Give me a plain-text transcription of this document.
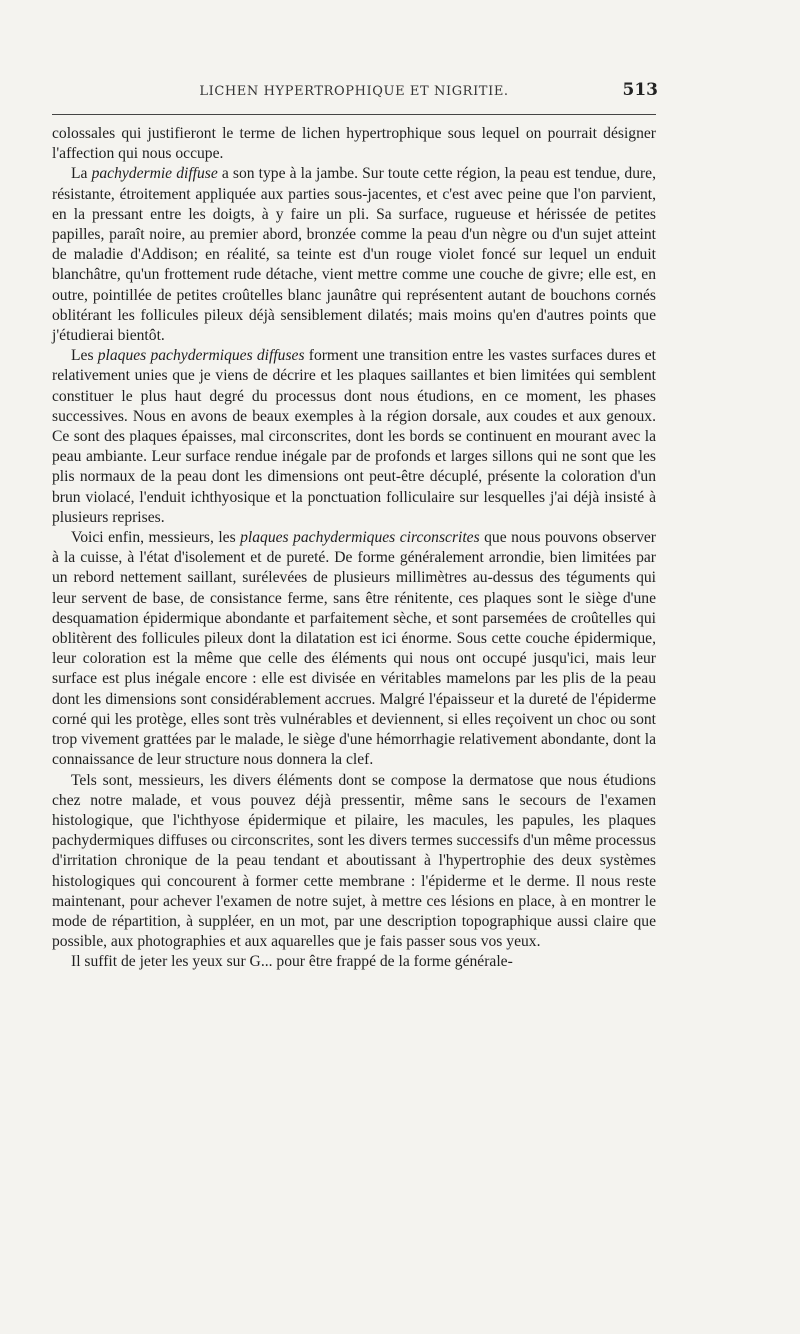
LICHEN HYPERTROPHIQUE ET NIGRITIE.	513

colossales qui justifieront le terme de lichen hypertrophique sous lequel on pourrait désigner l'affection qui nous occupe.

La pachydermie diffuse a son type à la jambe. Sur toute cette région, la peau est tendue, dure, résistante, étroitement appliquée aux parties sous-jacentes, et c'est avec peine que l'on parvient, en la pressant entre les doigts, à y faire un pli. Sa surface, rugueuse et hérissée de petites papilles, paraît noire, au premier abord, bronzée comme la peau d'un nègre ou d'un sujet atteint de maladie d'Addison; en réalité, sa teinte est d'un rouge violet foncé sur lequel un enduit blanchâtre, qu'un frottement rude détache, vient mettre comme une couche de givre; elle est, en outre, pointillée de petites croûtelles blanc jaunâtre qui représentent autant de bouchons cornés oblitérant les follicules pileux déjà sensiblement dilatés; mais moins qu'en d'autres points que j'étudierai bientôt.

Les plaques pachydermiques diffuses forment une transition entre les vastes surfaces dures et relativement unies que je viens de décrire et les plaques saillantes et bien limitées qui semblent constituer le plus haut degré du processus dont nous étudions, en ce moment, les phases successives. Nous en avons de beaux exemples à la région dorsale, aux coudes et aux genoux. Ce sont des plaques épaisses, mal circonscrites, dont les bords se continuent en mourant avec la peau ambiante. Leur surface rendue inégale par de profonds et larges sillons qui ne sont que les plis normaux de la peau dont les dimensions ont peut-être décuplé, présente la coloration d'un brun violacé, l'enduit ichthyosique et la ponctuation folliculaire sur lesquelles j'ai déjà insisté à plusieurs reprises.

Voici enfin, messieurs, les plaques pachydermiques circonscrites que nous pouvons observer à la cuisse, à l'état d'isolement et de pureté. De forme généralement arrondie, bien limitées par un rebord nettement saillant, surélevées de plusieurs millimètres au-dessus des téguments qui leur servent de base, de consistance ferme, sans être rénitente, ces plaques sont le siège d'une desquamation épidermique abondante et parfaitement sèche, et sont parsemées de croûtelles qui oblitèrent des follicules pileux dont la dilatation est ici énorme. Sous cette couche épidermique, leur coloration est la même que celle des éléments qui nous ont occupé jusqu'ici, mais leur surface est plus inégale encore : elle est divisée en véritables mamelons par les plis de la peau dont les dimensions sont considérablement accrues. Malgré l'épaisseur et la dureté de l'épiderme corné qui les protège, elles sont très vulnérables et deviennent, si elles reçoivent un choc ou sont trop vivement grattées par le malade, le siège d'une hémorrhagie relativement abondante, dont la connaissance de leur structure nous donnera la clef.

Tels sont, messieurs, les divers éléments dont se compose la dermatose que nous étudions chez notre malade, et vous pouvez déjà pressentir, même sans le secours de l'examen histologique, que l'ichthyose épidermique et pilaire, les macules, les papules, les plaques pachydermiques diffuses ou circonscrites, sont les divers termes successifs d'un même processus d'irritation chronique de la peau tendant et aboutissant à l'hypertrophie des deux systèmes histologiques qui concourent à former cette membrane : l'épiderme et le derme. Il nous reste maintenant, pour achever l'examen de notre sujet, à mettre ces lésions en place, à en montrer le mode de répartition, à suppléer, en un mot, par une description topographique aussi claire que possible, aux photographies et aux aquarelles que je fais passer sous vos yeux.

Il suffit de jeter les yeux sur G... pour être frappé de la forme générale-
